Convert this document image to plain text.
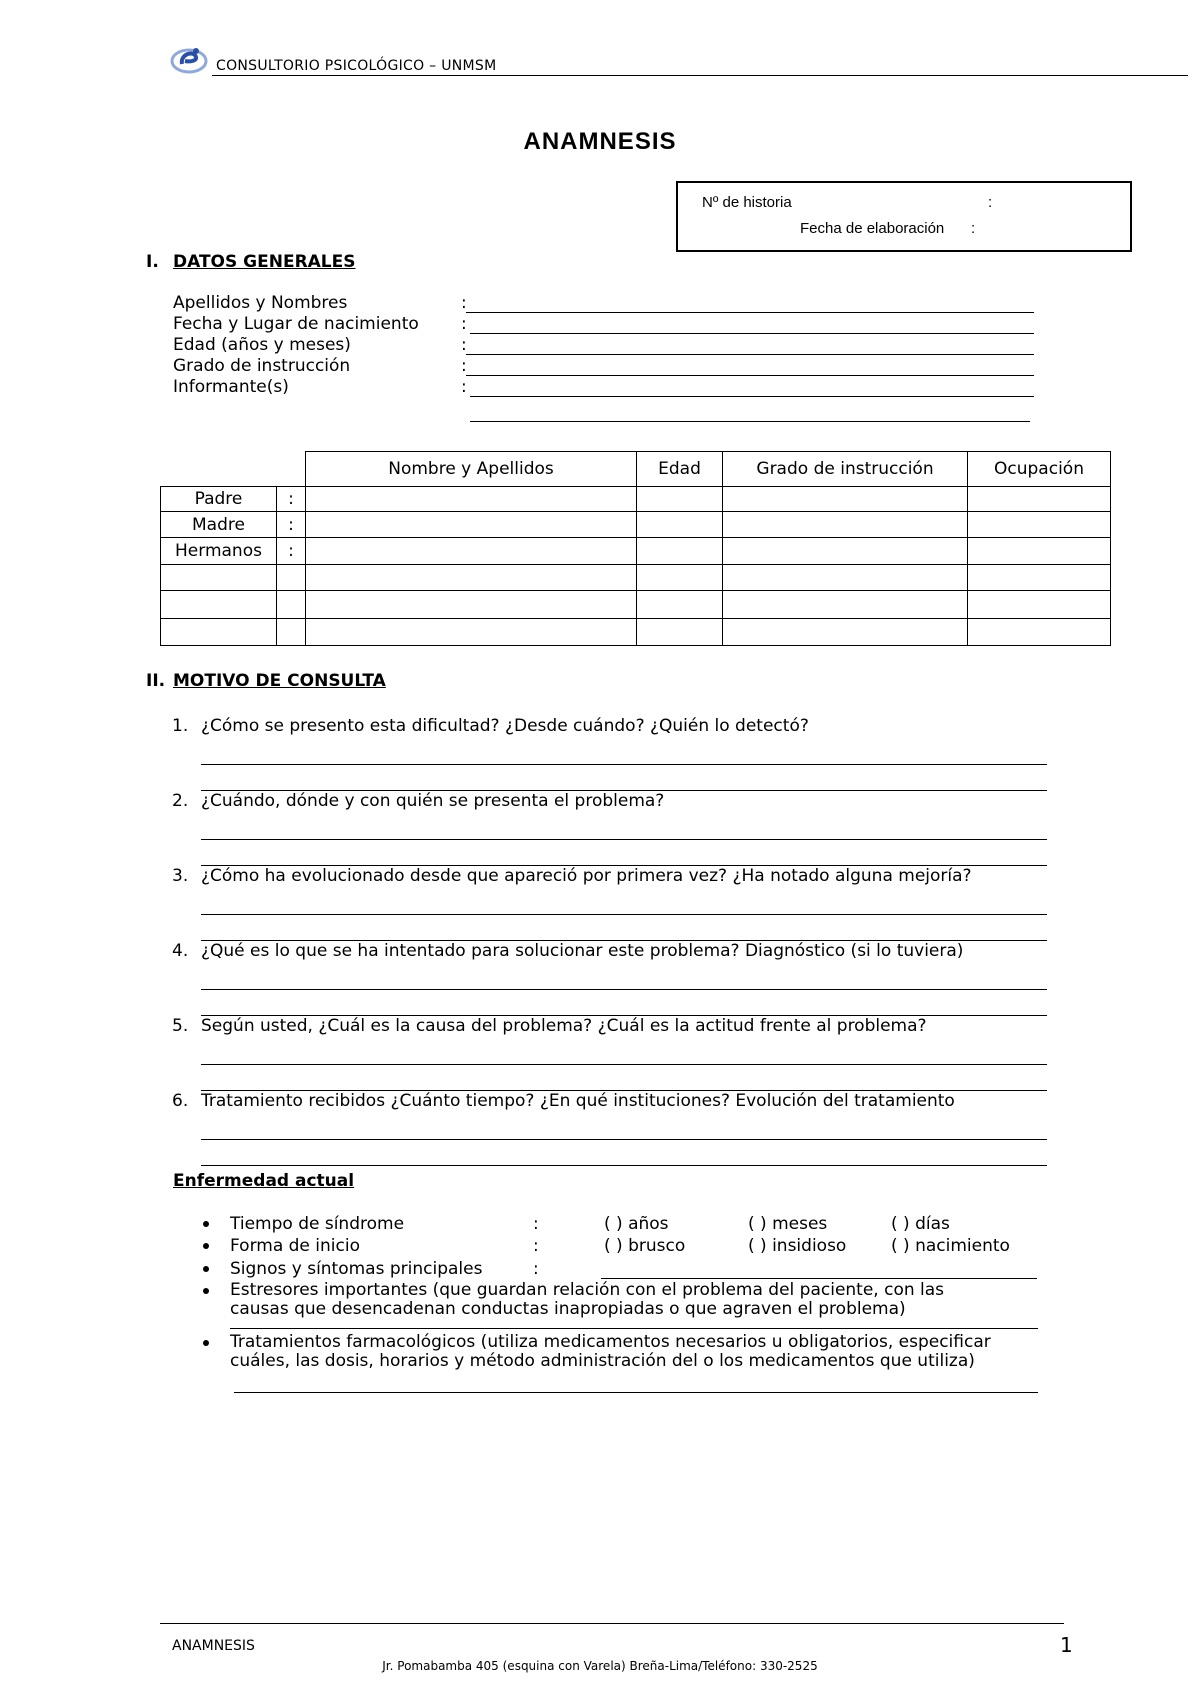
CONSULTORIO PSICOLÓGICO – UNMSM
ANAMNESIS
Nº de historia	:
Fecha de elaboración :
I. DATOS GENERALES
Apellidos y Nombres	:
Fecha y Lugar de nacimiento :
Edad (años y meses)	:
Grado de instrucción	:
Informante(s)	:
		Nombre y Apellidos	Edad	Grado de instrucción	Ocupación
Padre	:				
Madre	:				
Hermanos	:				

II. MOTIVO DE CONSULTA
1. ¿Cómo se presento esta dificultad? ¿Desde cuándo? ¿Quién lo detectó?
2. ¿Cuándo, dónde y con quién se presenta el problema?
3. ¿Cómo ha evolucionado desde que apareció por primera vez? ¿Ha notado alguna mejoría?
4. ¿Qué es lo que se ha intentado para solucionar este problema? Diagnóstico (si lo tuviera)
5. Según usted, ¿Cuál es la causa del problema? ¿Cuál es la actitud frente al problema?
6. Tratamiento recibidos ¿Cuánto tiempo? ¿En qué instituciones? Evolución del tratamiento
Enfermedad actual
Tiempo de síndrome	:	( ) años	( ) meses	( ) días
Forma de inicio	:	( ) brusco	( ) insidioso	( ) nacimiento
Signos y síntomas principales	:
Estresores importantes (que guardan relación con el problema del paciente, con las
causas que desencadenan conductas inapropiadas o que agraven el problema)
Tratamientos farmacológicos (utiliza medicamentos necesarios u obligatorios, especificar
cuáles, las dosis, horarios y método administración del o los medicamentos que utiliza)
ANAMNESIS	1
Jr. Pomabamba 405 (esquina con Varela) Breña-Lima/Teléfono: 330-2525
